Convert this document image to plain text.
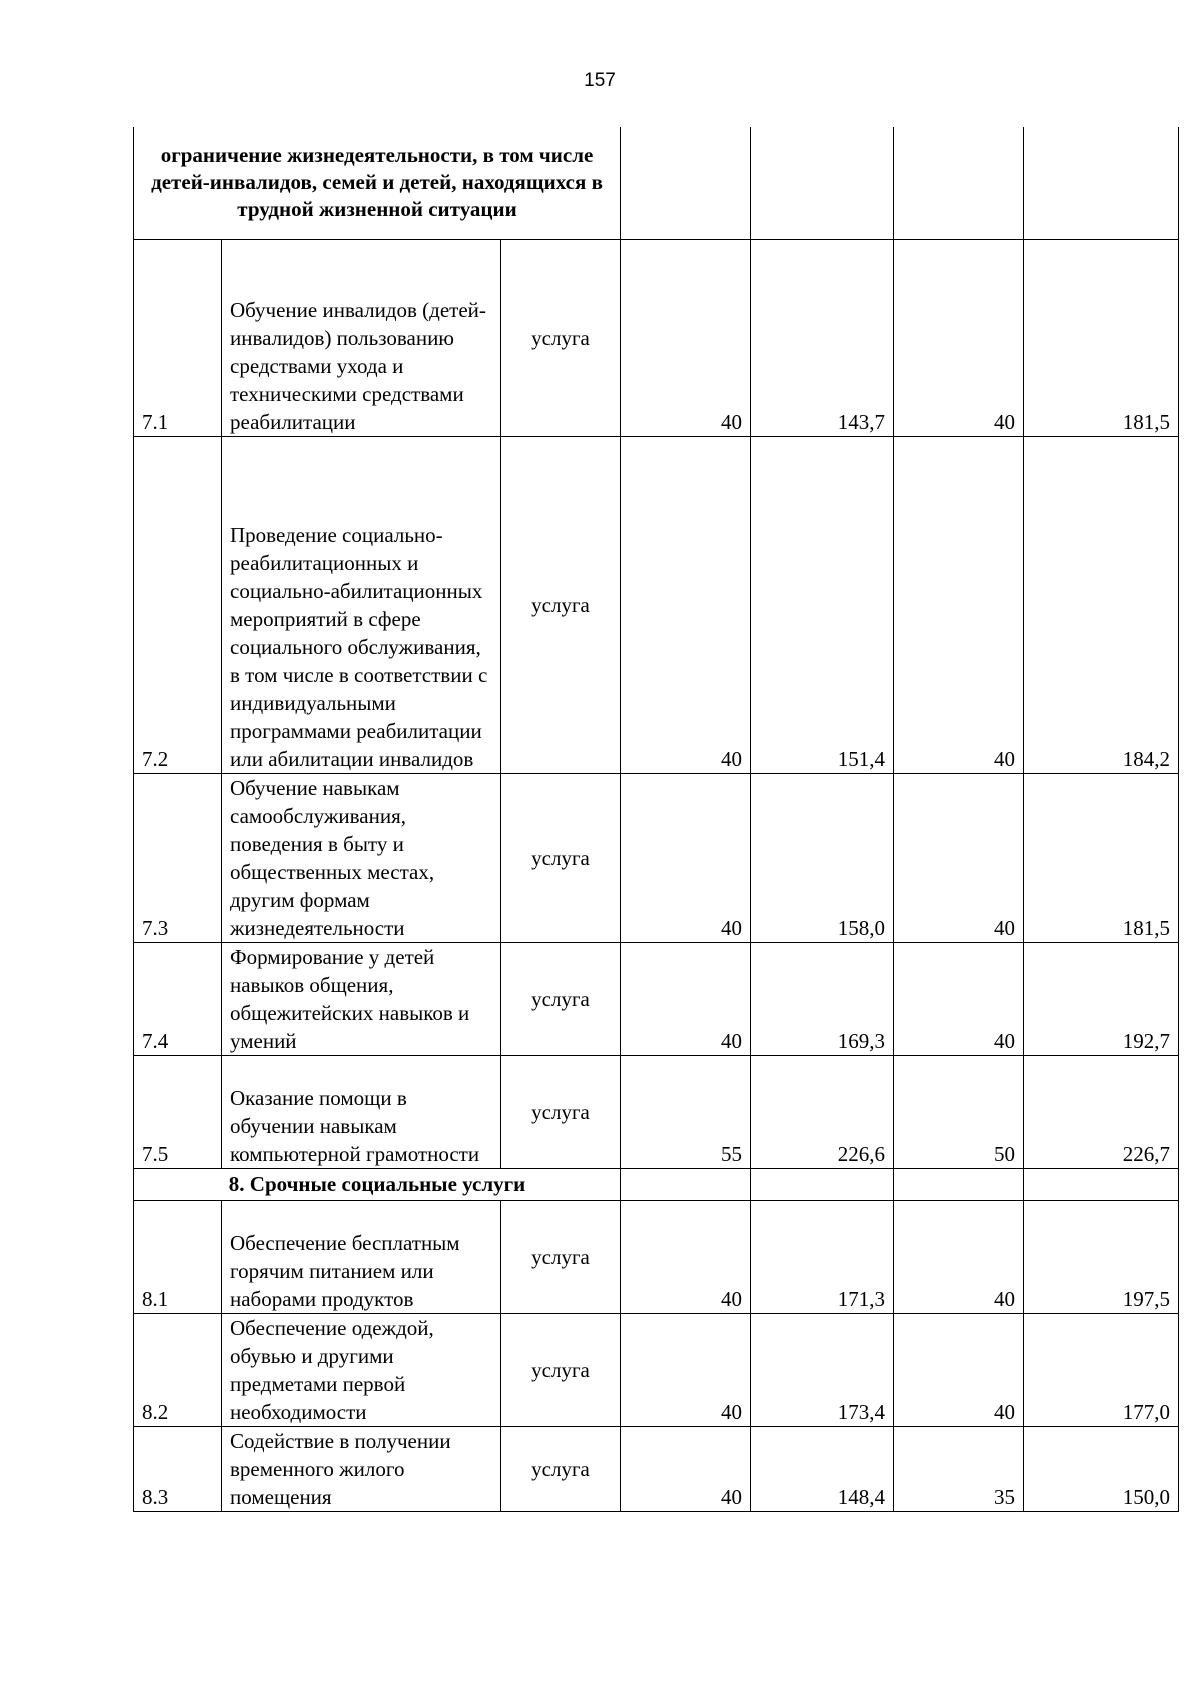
157
ограничение жизнедеятельности, в том числе детей-инвалидов, семей и детей, находящихся в трудной жизненной ситуации						
7.1	Обучение инвалидов (детей-инвалидов) пользованию средствами ухода и техническими средствами реабилитации	услуга	40	143,7	40	181,5
7.2	Проведение социально-реабилитационных и социально-абилитационных мероприятий в сфере социального обслуживания, в том числе в соответствии с индивидуальными программами реабилитации или абилитации инвалидов	услуга	40	151,4	40	184,2
7.3	Обучение навыкам самообслуживания, поведения в быту и общественных местах, другим формам жизнедеятельности	услуга	40	158,0	40	181,5
7.4	Формирование у детей навыков общения, общежитейских навыков и умений	услуга	40	169,3	40	192,7
7.5	Оказание помощи в обучении навыкам компьютерной грамотности	услуга	55	226,6	50	226,7
8. Срочные социальные услуги						
8.1	Обеспечение бесплатным горячим питанием или наборами продуктов	услуга	40	171,3	40	197,5
8.2	Обеспечение одеждой, обувью и другими предметами первой необходимости	услуга	40	173,4	40	177,0
8.3	Содействие в получении временного жилого помещения	услуга	40	148,4	35	150,0
